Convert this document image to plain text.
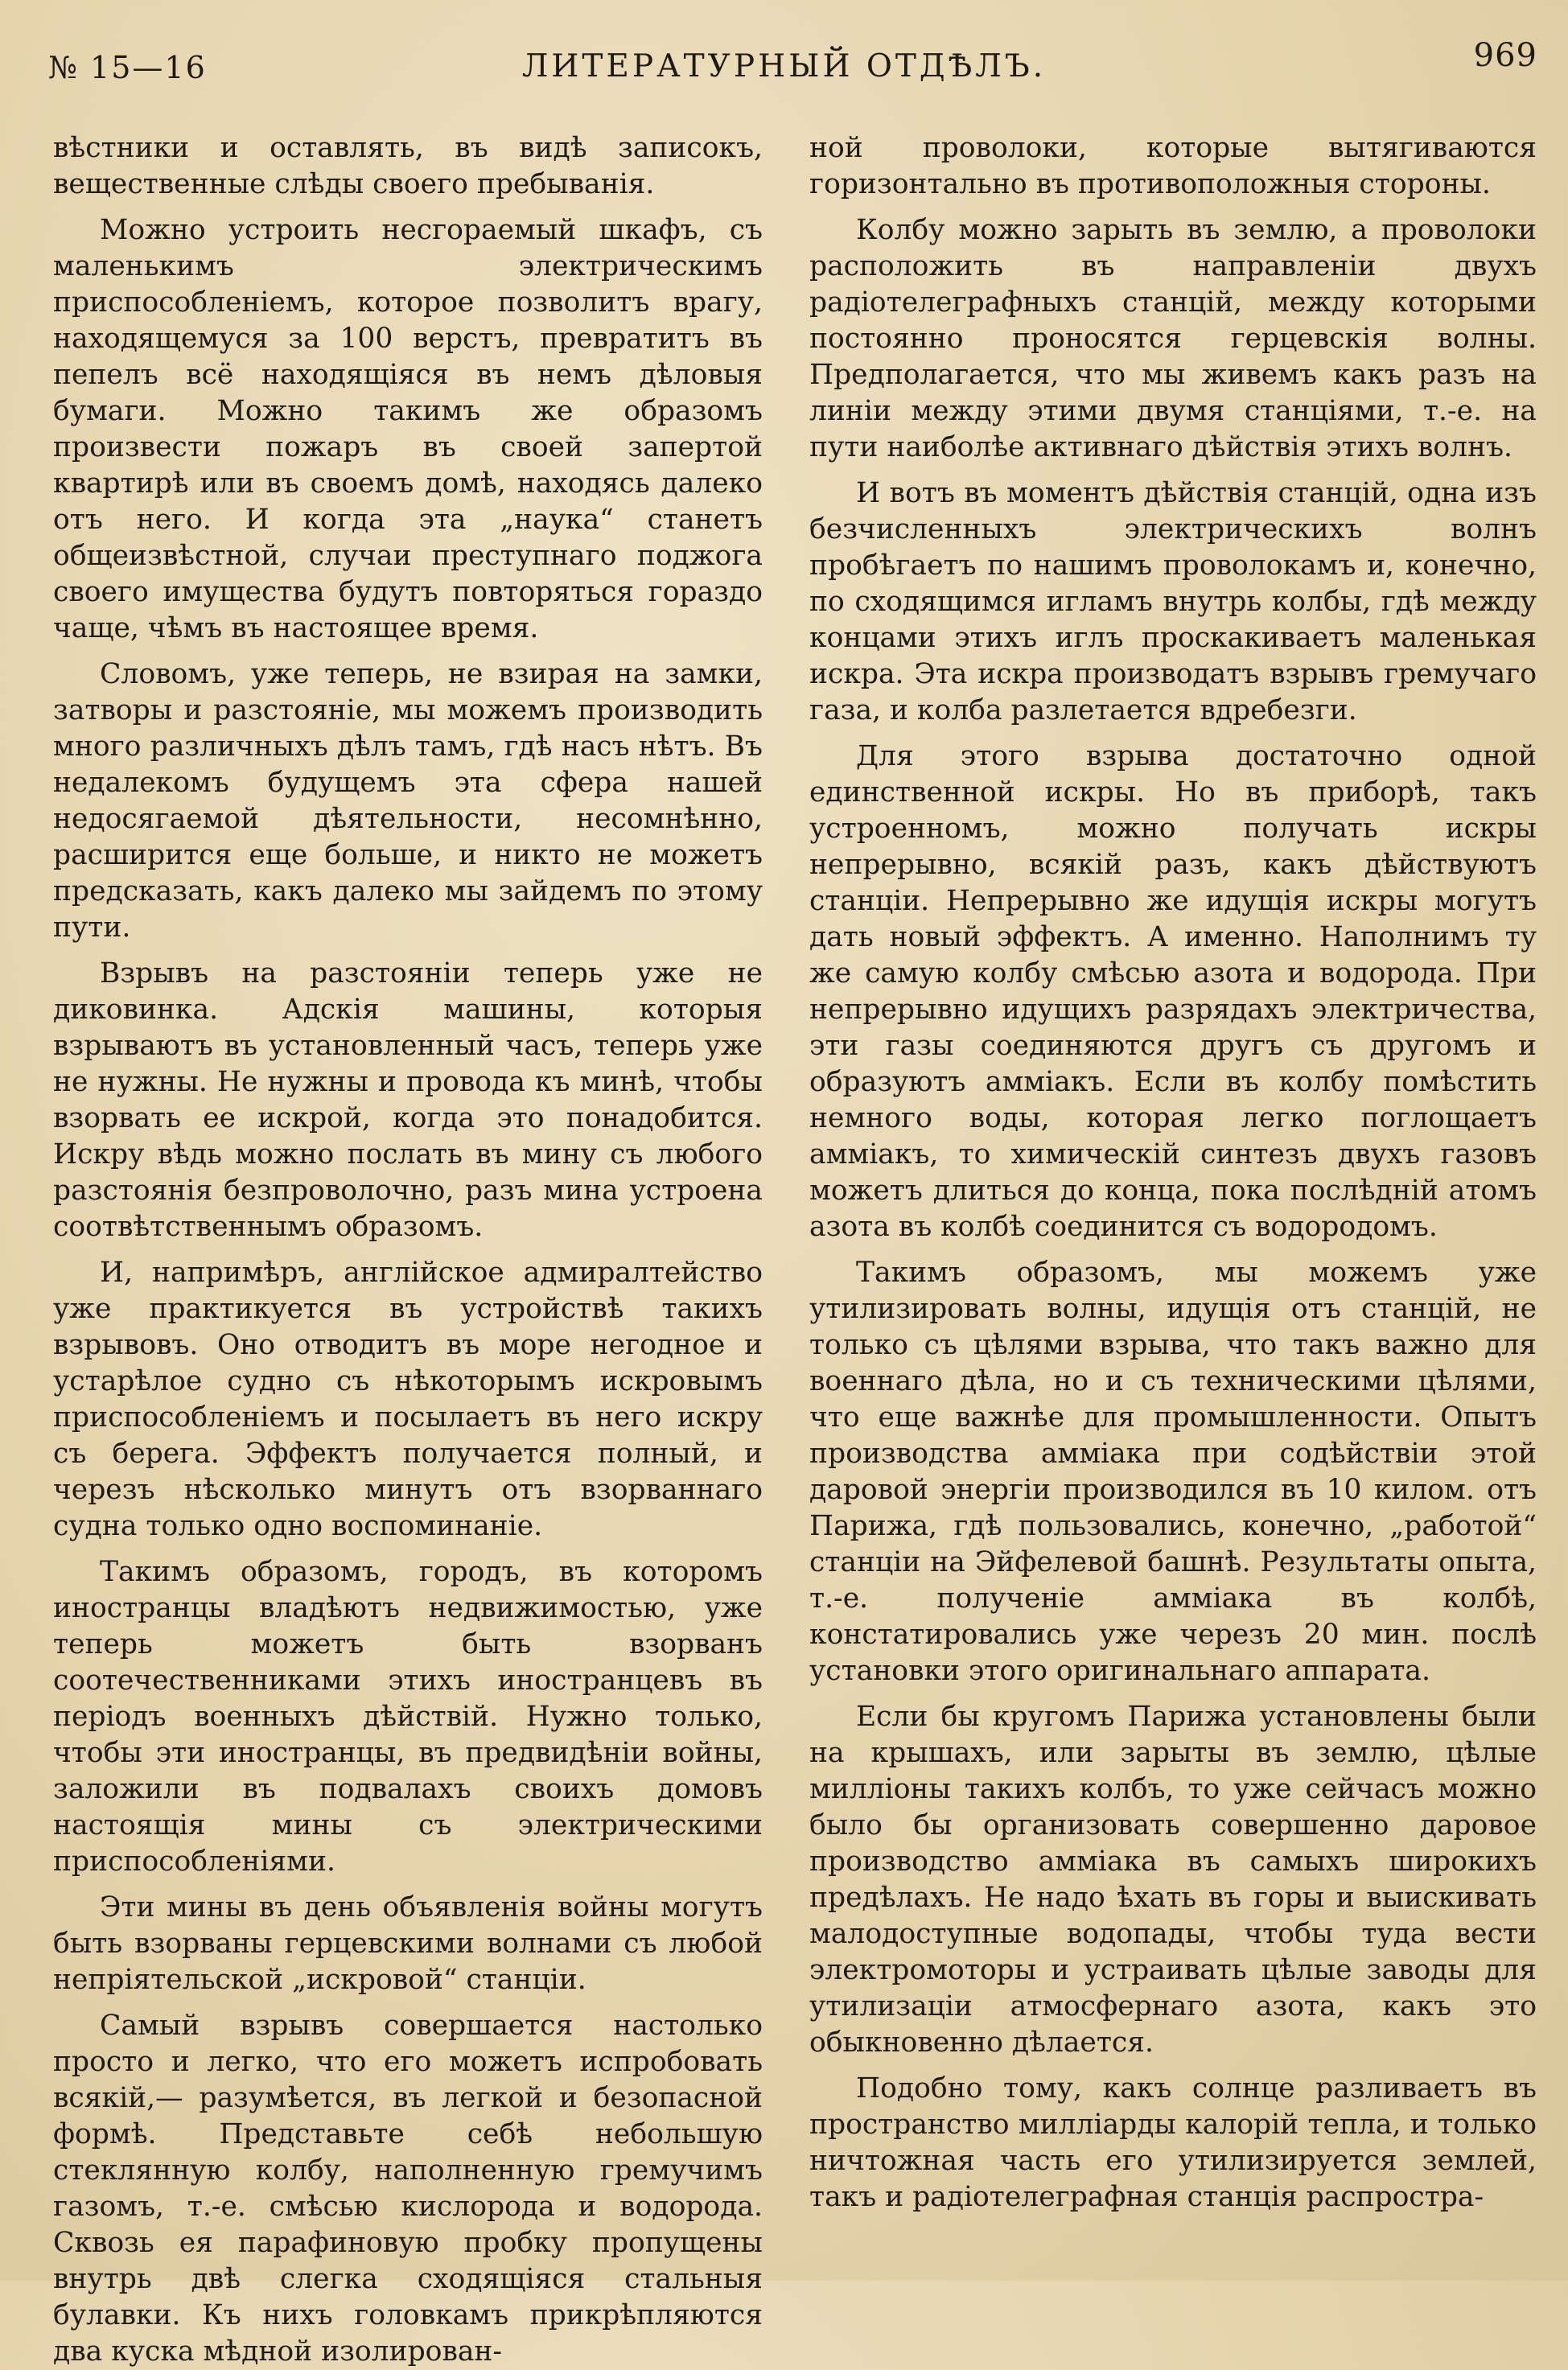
№ 15—16	ЛИТЕРАТУРНЫЙ ОТДѢЛЪ.	969

вѣстники и оставлять, въ видѣ записокъ, вещественные слѣды своего пребыванія.

Можно устроить несгораемый шкафъ, съ маленькимъ электрическимъ приспособленіемъ, которое позволитъ врагу, находящемуся за 100 верстъ, превратитъ въ пепелъ всё находящіяся въ немъ дѣловыя бумаги. Можно такимъ же образомъ произвести пожаръ въ своей запертой квартирѣ или въ своемъ домѣ, находясь далеко отъ него. И когда эта „наука“ станетъ общеизвѣстной, случаи преступнаго поджога своего имущества будутъ повторяться гораздо чаще, чѣмъ въ настоящее время.

Словомъ, уже теперь, не взирая на замки, затворы и разстояніе, мы можемъ производить много различныхъ дѣлъ тамъ, гдѣ насъ нѣтъ. Въ недалекомъ будущемъ эта сфера нашей недосягаемой дѣятельности, несомнѣнно, расширится еще больше, и никто не можетъ предсказать, какъ далеко мы зайдемъ по этому пути.

Взрывъ на разстояніи теперь уже не диковинка. Адскія машины, которыя взрываютъ въ установленный часъ, теперь уже не нужны. Не нужны и провода къ минѣ, чтобы взорвать ее искрой, когда это понадобится. Искру вѣдь можно послать въ мину съ любого разстоянія безпроволочно, разъ мина устроена соотвѣтственнымъ образомъ.

И, напримѣръ, англійское адмиралтейство уже практикуется въ устройствѣ такихъ взрывовъ. Оно отводитъ въ море негодное и устарѣлое судно съ нѣкоторымъ искровымъ приспособленіемъ и посылаетъ въ него искру съ берега. Эффектъ получается полный, и черезъ нѣсколько минутъ отъ взорваннаго судна только одно воспоминаніе.

Такимъ образомъ, городъ, въ которомъ иностранцы владѣютъ недвижимостью, уже теперь можетъ быть взорванъ соотечественниками этихъ иностранцевъ въ періодъ военныхъ дѣйствій. Нужно только, чтобы эти иностранцы, въ предвидѣніи войны, заложили въ подвалахъ своихъ домовъ настоящія мины съ электрическими приспособленіями.

Эти мины въ день объявленія войны могутъ быть взорваны герцевскими волнами съ любой непріятельской „искровой“ станціи.

Самый взрывъ совершается настолько просто и легко, что его можетъ испробовать всякій,— разумѣется, въ легкой и безопасной формѣ. Представьте себѣ небольшую стеклянную колбу, наполненную гремучимъ газомъ, т.-е. смѣсью кислорода и водорода. Сквозь ея парафиновую пробку пропущены внутрь двѣ слегка сходящіяся стальныя булавки. Къ нихъ головкамъ прикрѣпляются два куска мѣдной изолирован-

ной проволоки, которые вытягиваются горизонтально въ противоположныя стороны.

Колбу можно зарыть въ землю, а проволоки расположить въ направленіи двухъ радіотелеграфныхъ станцій, между которыми постоянно проносятся герцевскія волны. Предполагается, что мы живемъ какъ разъ на линіи между этими двумя станціями, т.-е. на пути наиболѣе активнаго дѣйствія этихъ волнъ.

И вотъ въ моментъ дѣйствія станцій, одна изъ безчисленныхъ электрическихъ волнъ пробѣгаетъ по нашимъ проволокамъ и, конечно, по сходящимся игламъ внутрь колбы, гдѣ между концами этихъ иглъ проскакиваетъ маленькая искра. Эта искра производатъ взрывъ гремучаго газа, и колба разлетается вдребезги.

Для этого взрыва достаточно одной единственной искры. Но въ приборѣ, такъ устроенномъ, можно получать искры непрерывно, всякій разъ, какъ дѣйствуютъ станціи. Непрерывно же идущія искры могутъ дать новый эффектъ. А именно. Наполнимъ ту же самую колбу смѣсью азота и водорода. При непрерывно идущихъ разрядахъ электричества, эти газы соединяются другъ съ другомъ и образуютъ амміакъ. Если въ колбу помѣстить немного воды, которая легко поглощаетъ амміакъ, то химическій синтезъ двухъ газовъ можетъ длиться до конца, пока послѣдній атомъ азота въ колбѣ соединится съ водородомъ.

Такимъ образомъ, мы можемъ уже утилизировать волны, идущія отъ станцій, не только съ цѣлями взрыва, что такъ важно для военнаго дѣла, но и съ техническими цѣлями, что еще важнѣе для промышленности. Опытъ производства амміака при содѣйствіи этой даровой энергіи производился въ 10 килом. отъ Парижа, гдѣ пользовались, конечно, „работой“ станціи на Эйфелевой башнѣ. Результаты опыта, т.-е. полученіе амміака въ колбѣ, констатировались уже черезъ 20 мин. послѣ установки этого оригинальнаго аппарата.

Если бы кругомъ Парижа установлены были на крышахъ, или зарыты въ землю, цѣлые милліоны такихъ колбъ, то уже сейчасъ можно было бы организовать совершенно даровое производство амміака въ самыхъ широкихъ предѣлахъ. Не надо ѣхать въ горы и выискивать малодоступные водопады, чтобы туда вести электромоторы и устраивать цѣлые заводы для утилизаціи атмосфернаго азота, какъ это обыкновенно дѣлается.

Подобно тому, какъ солнце разливаетъ въ пространство милліарды калорій тепла, и только ничтожная часть его утилизируется землей, такъ и радіотелеграфная станція распростра-
